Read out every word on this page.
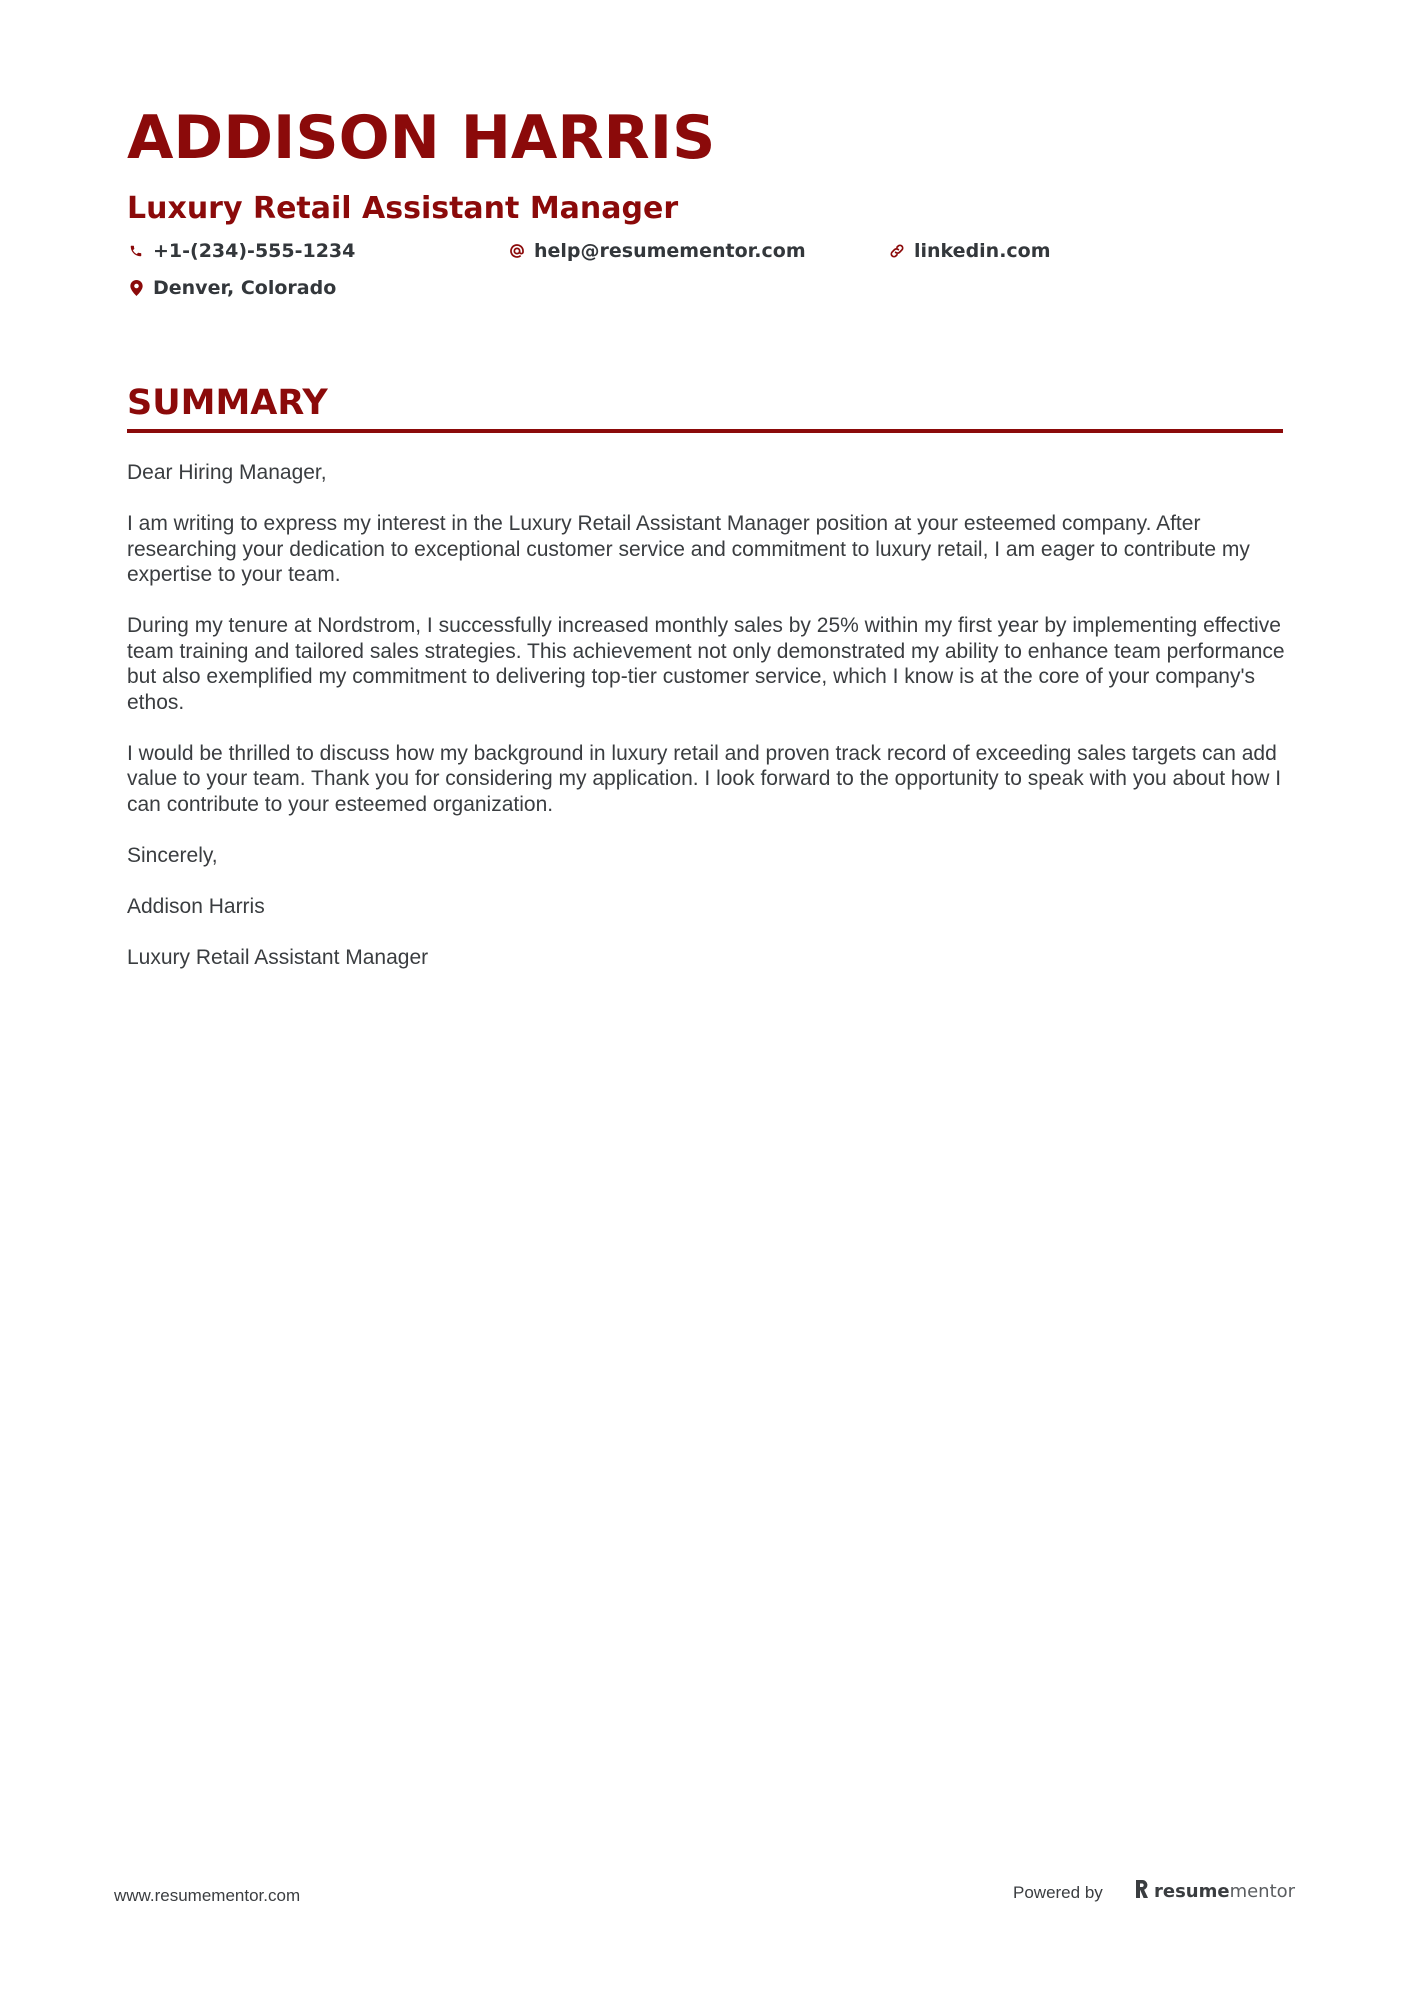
ADDISON HARRIS
Luxury Retail Assistant Manager
+1-(234)-555-1234	help@resumementor.com	linkedin.com
Denver, Colorado
SUMMARY

Dear Hiring Manager,

I am writing to express my interest in the Luxury Retail Assistant Manager position at your esteemed company. After researching your dedication to exceptional customer service and commitment to luxury retail, I am eager to contribute my expertise to your team.

During my tenure at Nordstrom, I successfully increased monthly sales by 25% within my first year by implementing effective team training and tailored sales strategies. This achievement not only demonstrated my ability to enhance team performance but also exemplified my commitment to delivering top-tier customer service, which I know is at the core of your company's ethos.

I would be thrilled to discuss how my background in luxury retail and proven track record of exceeding sales targets can add value to your team. Thank you for considering my application. I look forward to the opportunity to speak with you about how I can contribute to your esteemed organization.

Sincerely,

Addison Harris

Luxury Retail Assistant Manager

www.resumementor.com	Powered by	resumementor
